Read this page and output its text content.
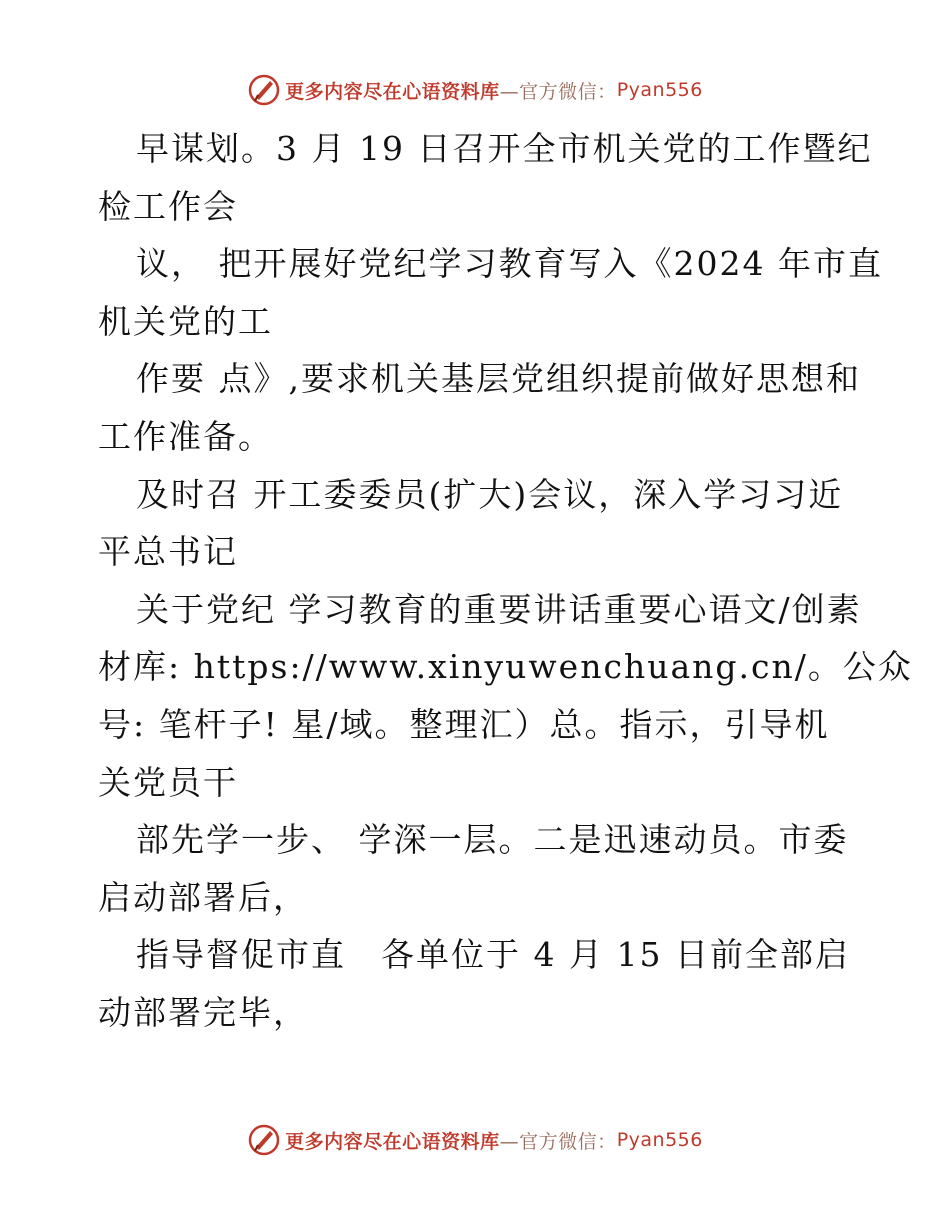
更多内容尽在心语资料库 —官方微信： Pyan556
早谋划。3 月 19 日召开全市机关党的工作暨纪
检工作会
议， 把开展好党纪学习教育写入《2024 年市直
机关党的工
作要 点》,要求机关基层党组织提前做好思想和
工作准备。
及时召 开工委委员(扩大)会议，深入学习习近
平总书记
关于党纪 学习教育的重要讲话重要心语文/创素
材库: https://www.xinyuwenchuang.cn/。公众
号: 笔杆子! 星/域。整理汇）总。指示，引导机
关党员干
部先学一步、 学深一层。二是迅速动员。市委
启动部署后，
指导督促市直　各单位于 4 月 15 日前全部启
动部署完毕，
更多内容尽在心语资料库 —官方微信： Pyan556
